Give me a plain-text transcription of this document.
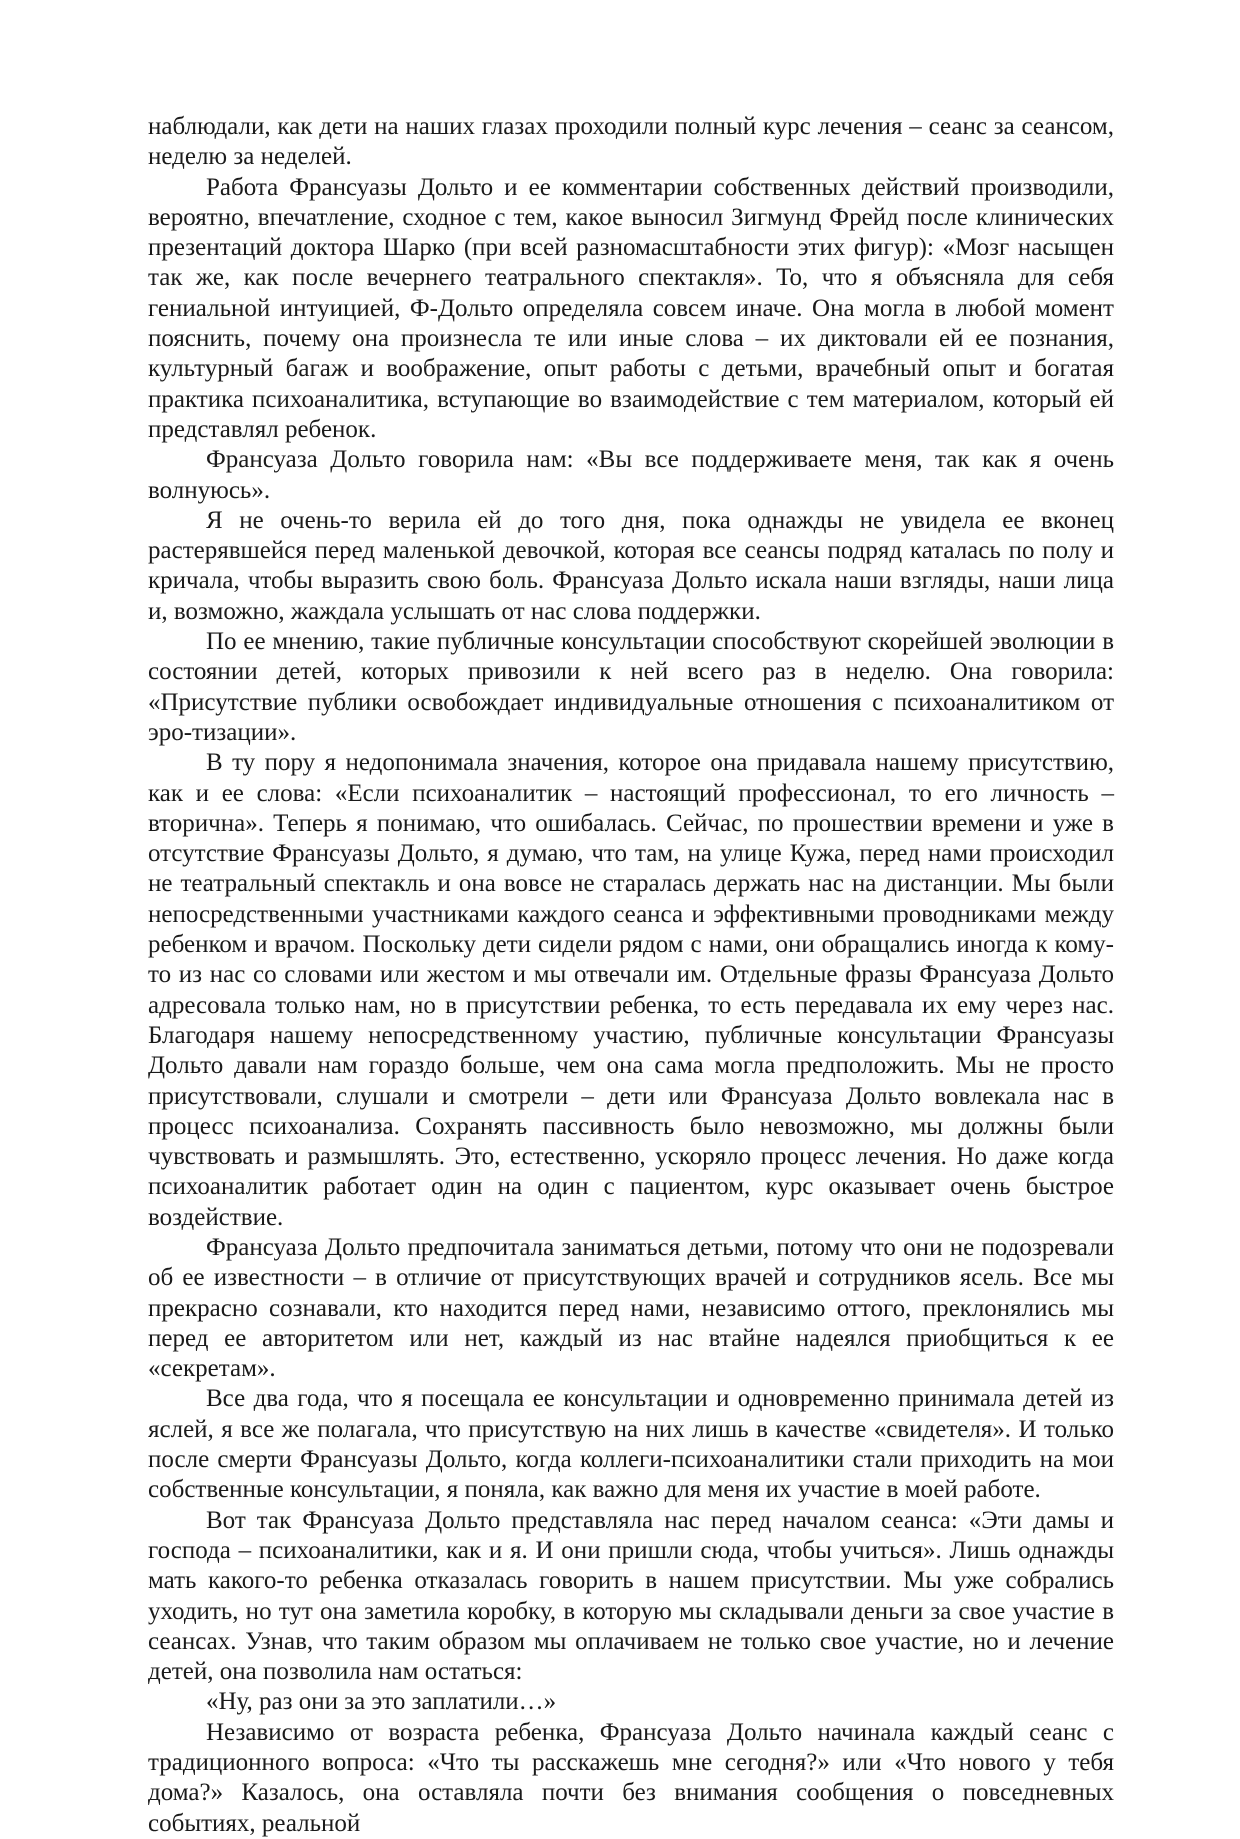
наблюдали, как дети на наших глазах проходили полный курс лечения – сеанс за сеансом, неделю за неделей.

Работа Франсуазы Дольто и ее комментарии собственных действий производили, вероятно, впечатление, сходное с тем, какое выносил Зигмунд Фрейд после клинических презентаций доктора Шарко (при всей разномасштабности этих фигур): «Мозг насыщен так же, как после вечернего театрального спектакля». То, что я объясняла для себя гениальной интуицией, Ф-Дольто определяла совсем иначе. Она могла в любой момент пояснить, почему она произнесла те или иные слова – их диктовали ей ее познания, культурный багаж и воображение, опыт работы с детьми, врачебный опыт и богатая практика психоаналитика, вступающие во взаимодействие с тем материалом, который ей представлял ребенок.

Франсуаза Дольто говорила нам: «Вы все поддерживаете меня, так как я очень волнуюсь».

Я не очень-то верила ей до того дня, пока однажды не увидела ее вконец растерявшейся перед маленькой девочкой, которая все сеансы подряд каталась по полу и кричала, чтобы выразить свою боль. Франсуаза Дольто искала наши взгляды, наши лица и, возможно, жаждала услышать от нас слова поддержки.

По ее мнению, такие публичные консультации способствуют скорейшей эволюции в состоянии детей, которых привозили к ней всего раз в неделю. Она говорила: «Присутствие публики освобождает индивидуальные отношения с психоаналитиком от эро-тизации».

В ту пору я недопонимала значения, которое она придавала нашему присутствию, как и ее слова: «Если психоаналитик – настоящий профессионал, то его личность – вторична». Теперь я понимаю, что ошибалась. Сейчас, по прошествии времени и уже в отсутствие Франсуазы Дольто, я думаю, что там, на улице Кужа, перед нами происходил не театральный спектакль и она вовсе не старалась держать нас на дистанции. Мы были непосредственными участниками каждого сеанса и эффективными проводниками между ребенком и врачом. Поскольку дети сидели рядом с нами, они обращались иногда к кому-то из нас со словами или жестом и мы отвечали им. Отдельные фразы Франсуаза Дольто адресовала только нам, но в присутствии ребенка, то есть передавала их ему через нас. Благодаря нашему непосредственному участию, публичные консультации Франсуазы Дольто давали нам гораздо больше, чем она сама могла предположить. Мы не просто присутствовали, слушали и смотрели – дети или Франсуаза Дольто вовлекала нас в процесс психоанализа. Сохранять пассивность было невозможно, мы должны были чувствовать и размышлять. Это, естественно, ускоряло процесс лечения. Но даже когда психоаналитик работает один на один с пациентом, курс оказывает очень быстрое воздействие.

Франсуаза Дольто предпочитала заниматься детьми, потому что они не подозревали об ее известности – в отличие от присутствующих врачей и сотрудников ясель. Все мы прекрасно сознавали, кто находится перед нами, независимо оттого, преклонялись мы перед ее авторитетом или нет, каждый из нас втайне надеялся приобщиться к ее «секретам».

Все два года, что я посещала ее консультации и одновременно принимала детей из яслей, я все же полагала, что присутствую на них лишь в качестве «свидетеля». И только после смерти Франсуазы Дольто, когда коллеги-психоаналитики стали приходить на мои собственные консультации, я поняла, как важно для меня их участие в моей работе.

Вот так Франсуаза Дольто представляла нас перед началом сеанса: «Эти дамы и господа – психоаналитики, как и я. И они пришли сюда, чтобы учиться». Лишь однажды мать какого-то ребенка отказалась говорить в нашем присутствии. Мы уже собрались уходить, но тут она заметила коробку, в которую мы складывали деньги за свое участие в сеансах. Узнав, что таким образом мы оплачиваем не только свое участие, но и лечение детей, она позволила нам остаться:

«Ну, раз они за это заплатили…»

Независимо от возраста ребенка, Франсуаза Дольто начинала каждый сеанс с традиционного вопроса: «Что ты расскажешь мне сегодня?» или «Что нового у тебя дома?» Казалось, она оставляла почти без внимания сообщения о повседневных событиях, реальной
